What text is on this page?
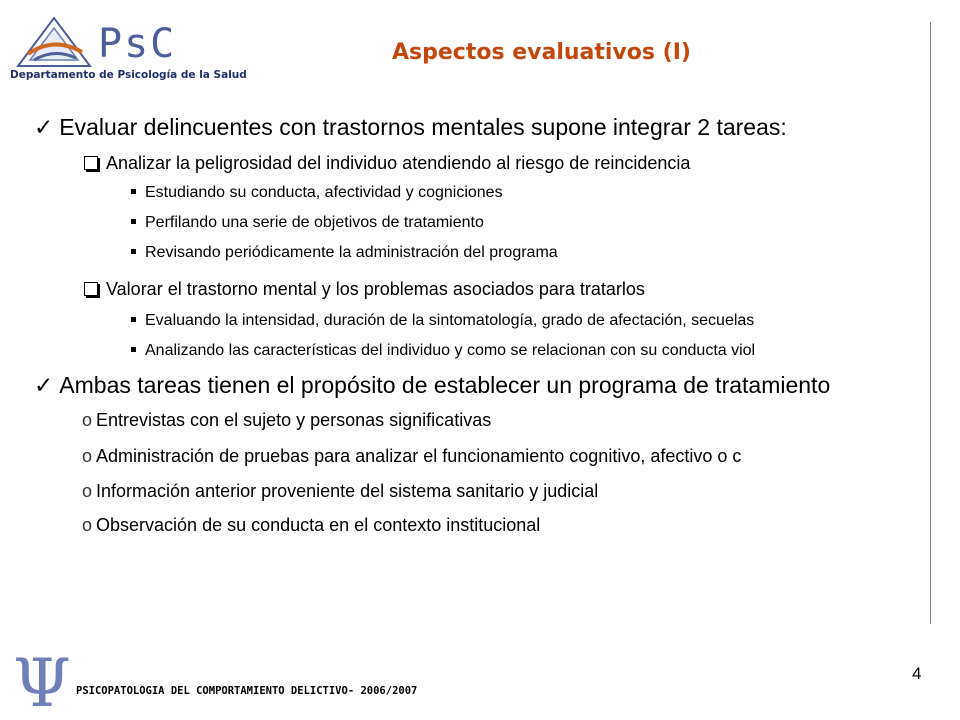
PsC
Departamento de Psicología de la Salud
Aspectos evaluativos (I)
✓ Evaluar delincuentes con trastornos mentales supone integrar 2 tareas:
Analizar la peligrosidad del individuo atendiendo al riesgo de reincidencia
Estudiando su conducta, afectividad y cogniciones
Perfilando una serie de objetivos de tratamiento
Revisando periódicamente la administración del programa
Valorar el trastorno mental y los problemas asociados para tratarlos
Evaluando la intensidad, duración de la sintomatología, grado de afectación, secuelas
Analizando las características del individuo y como se relacionan con su conducta viol
✓ Ambas tareas tienen el propósito de establecer un programa de tratamiento
o Entrevistas con el sujeto y personas significativas
o Administración de pruebas para analizar el funcionamiento cognitivo, afectivo o c
o Información anterior proveniente del sistema sanitario y judicial
o Observación de su conducta en el contexto institucional
Ψ PSICOPATOLOGIA DEL COMPORTAMIENTO DELICTIVO- 2006/2007
4
